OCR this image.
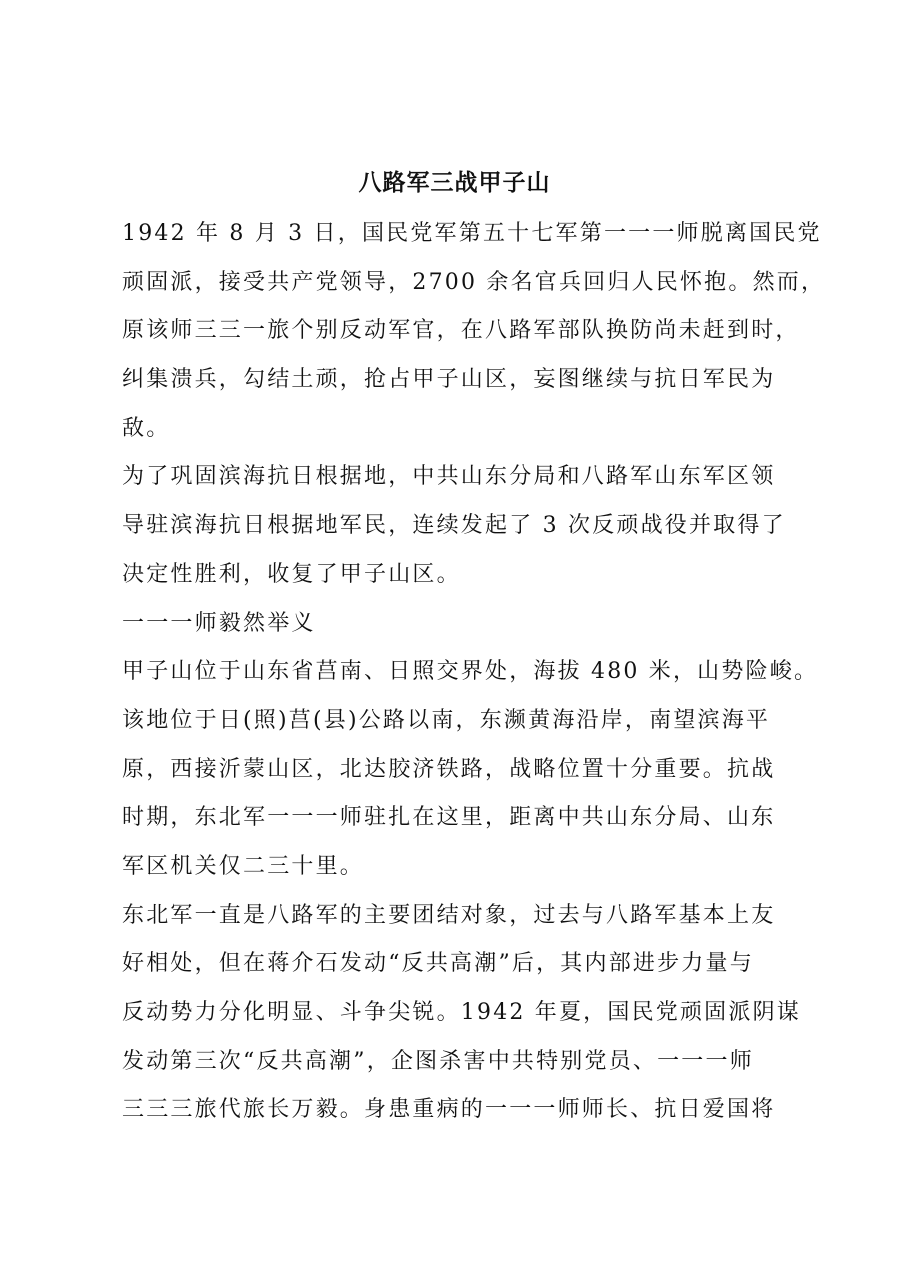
八路军三战甲子山
1942 年 8 月 3 日，国民党军第五十七军第一一一师脱离国民党
顽固派，接受共产党领导，2700 余名官兵回归人民怀抱。然而，
原该师三三一旅个别反动军官，在八路军部队换防尚未赶到时，
纠集溃兵，勾结土顽，抢占甲子山区，妄图继续与抗日军民为
敌。
为了巩固滨海抗日根据地，中共山东分局和八路军山东军区领
导驻滨海抗日根据地军民，连续发起了 3 次反顽战役并取得了
决定性胜利，收复了甲子山区。
一一一师毅然举义
甲子山位于山东省莒南、日照交界处，海拔 480 米，山势险峻。
该地位于日(照)莒(县)公路以南，东濒黄海沿岸，南望滨海平
原，西接沂蒙山区，北达胶济铁路，战略位置十分重要。抗战
时期，东北军一一一师驻扎在这里，距离中共山东分局、山东
军区机关仅二三十里。
东北军一直是八路军的主要团结对象，过去与八路军基本上友
好相处，但在蒋介石发动“反共高潮”后，其内部进步力量与
反动势力分化明显、斗争尖锐。1942 年夏，国民党顽固派阴谋
发动第三次“反共高潮”，企图杀害中共特别党员、一一一师
三三三旅代旅长万毅。身患重病的一一一师师长、抗日爱国将
